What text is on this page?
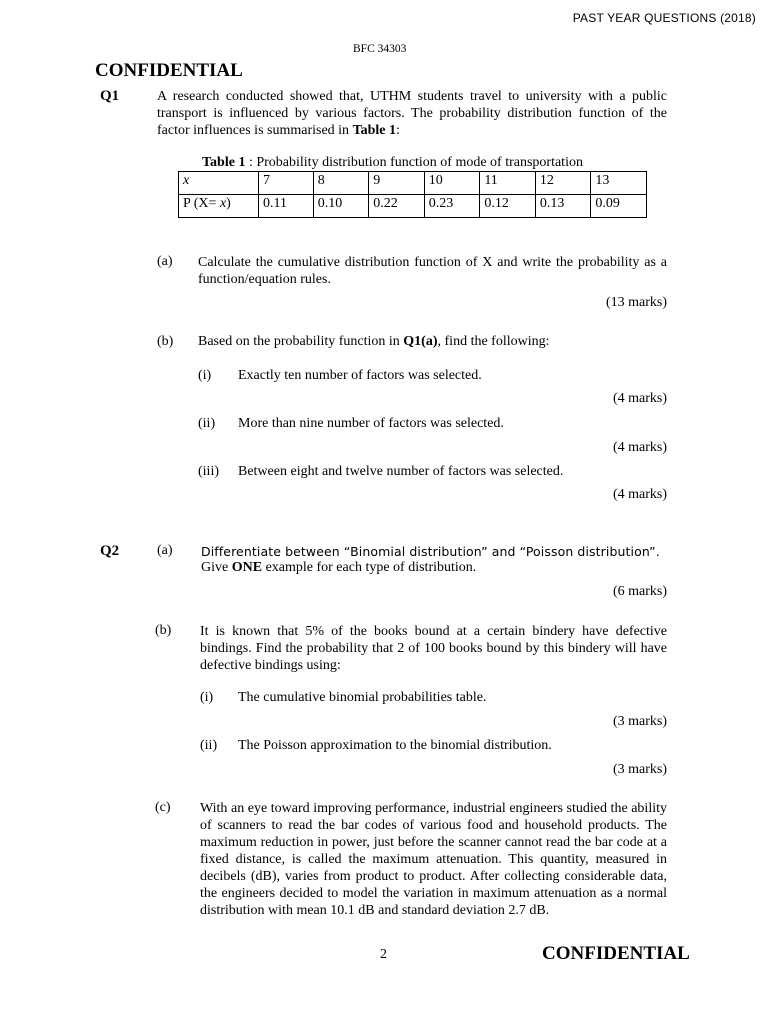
PAST YEAR QUESTIONS (2018)
BFC 34303
CONFIDENTIAL
Q1	A research conducted showed that, UTHM students travel to university with a public transport is influenced by various factors. The probability distribution function of the factor influences is summarised in Table 1:
Table 1 : Probability distribution function of mode of transportation
x	7	8	9	10	11	12	13
P (X= x)	0.11	0.10	0.22	0.23	0.12	0.13	0.09
(a) Calculate the cumulative distribution function of X and write the probability as a function/equation rules.
(13 marks)
(b) Based on the probability function in Q1(a), find the following:
(i) Exactly ten number of factors was selected.
(4 marks)
(ii) More than nine number of factors was selected.
(4 marks)
(iii) Between eight and twelve number of factors was selected.
(4 marks)
Q2	(a) Differentiate between “Binomial distribution” and “Poisson distribution”.
Give ONE example for each type of distribution.
(6 marks)
(b) It is known that 5% of the books bound at a certain bindery have defective bindings. Find the probability that 2 of 100 books bound by this bindery will have defective bindings using:
(i) The cumulative binomial probabilities table.
(3 marks)
(ii) The Poisson approximation to the binomial distribution.
(3 marks)
(c) With an eye toward improving performance, industrial engineers studied the ability of scanners to read the bar codes of various food and household products. The maximum reduction in power, just before the scanner cannot read the bar code at a fixed distance, is called the maximum attenuation. This quantity, measured in decibels (dB), varies from product to product. After collecting considerable data, the engineers decided to model the variation in maximum attenuation as a normal distribution with mean 10.1 dB and standard deviation 2.7 dB.
2	CONFIDENTIAL
